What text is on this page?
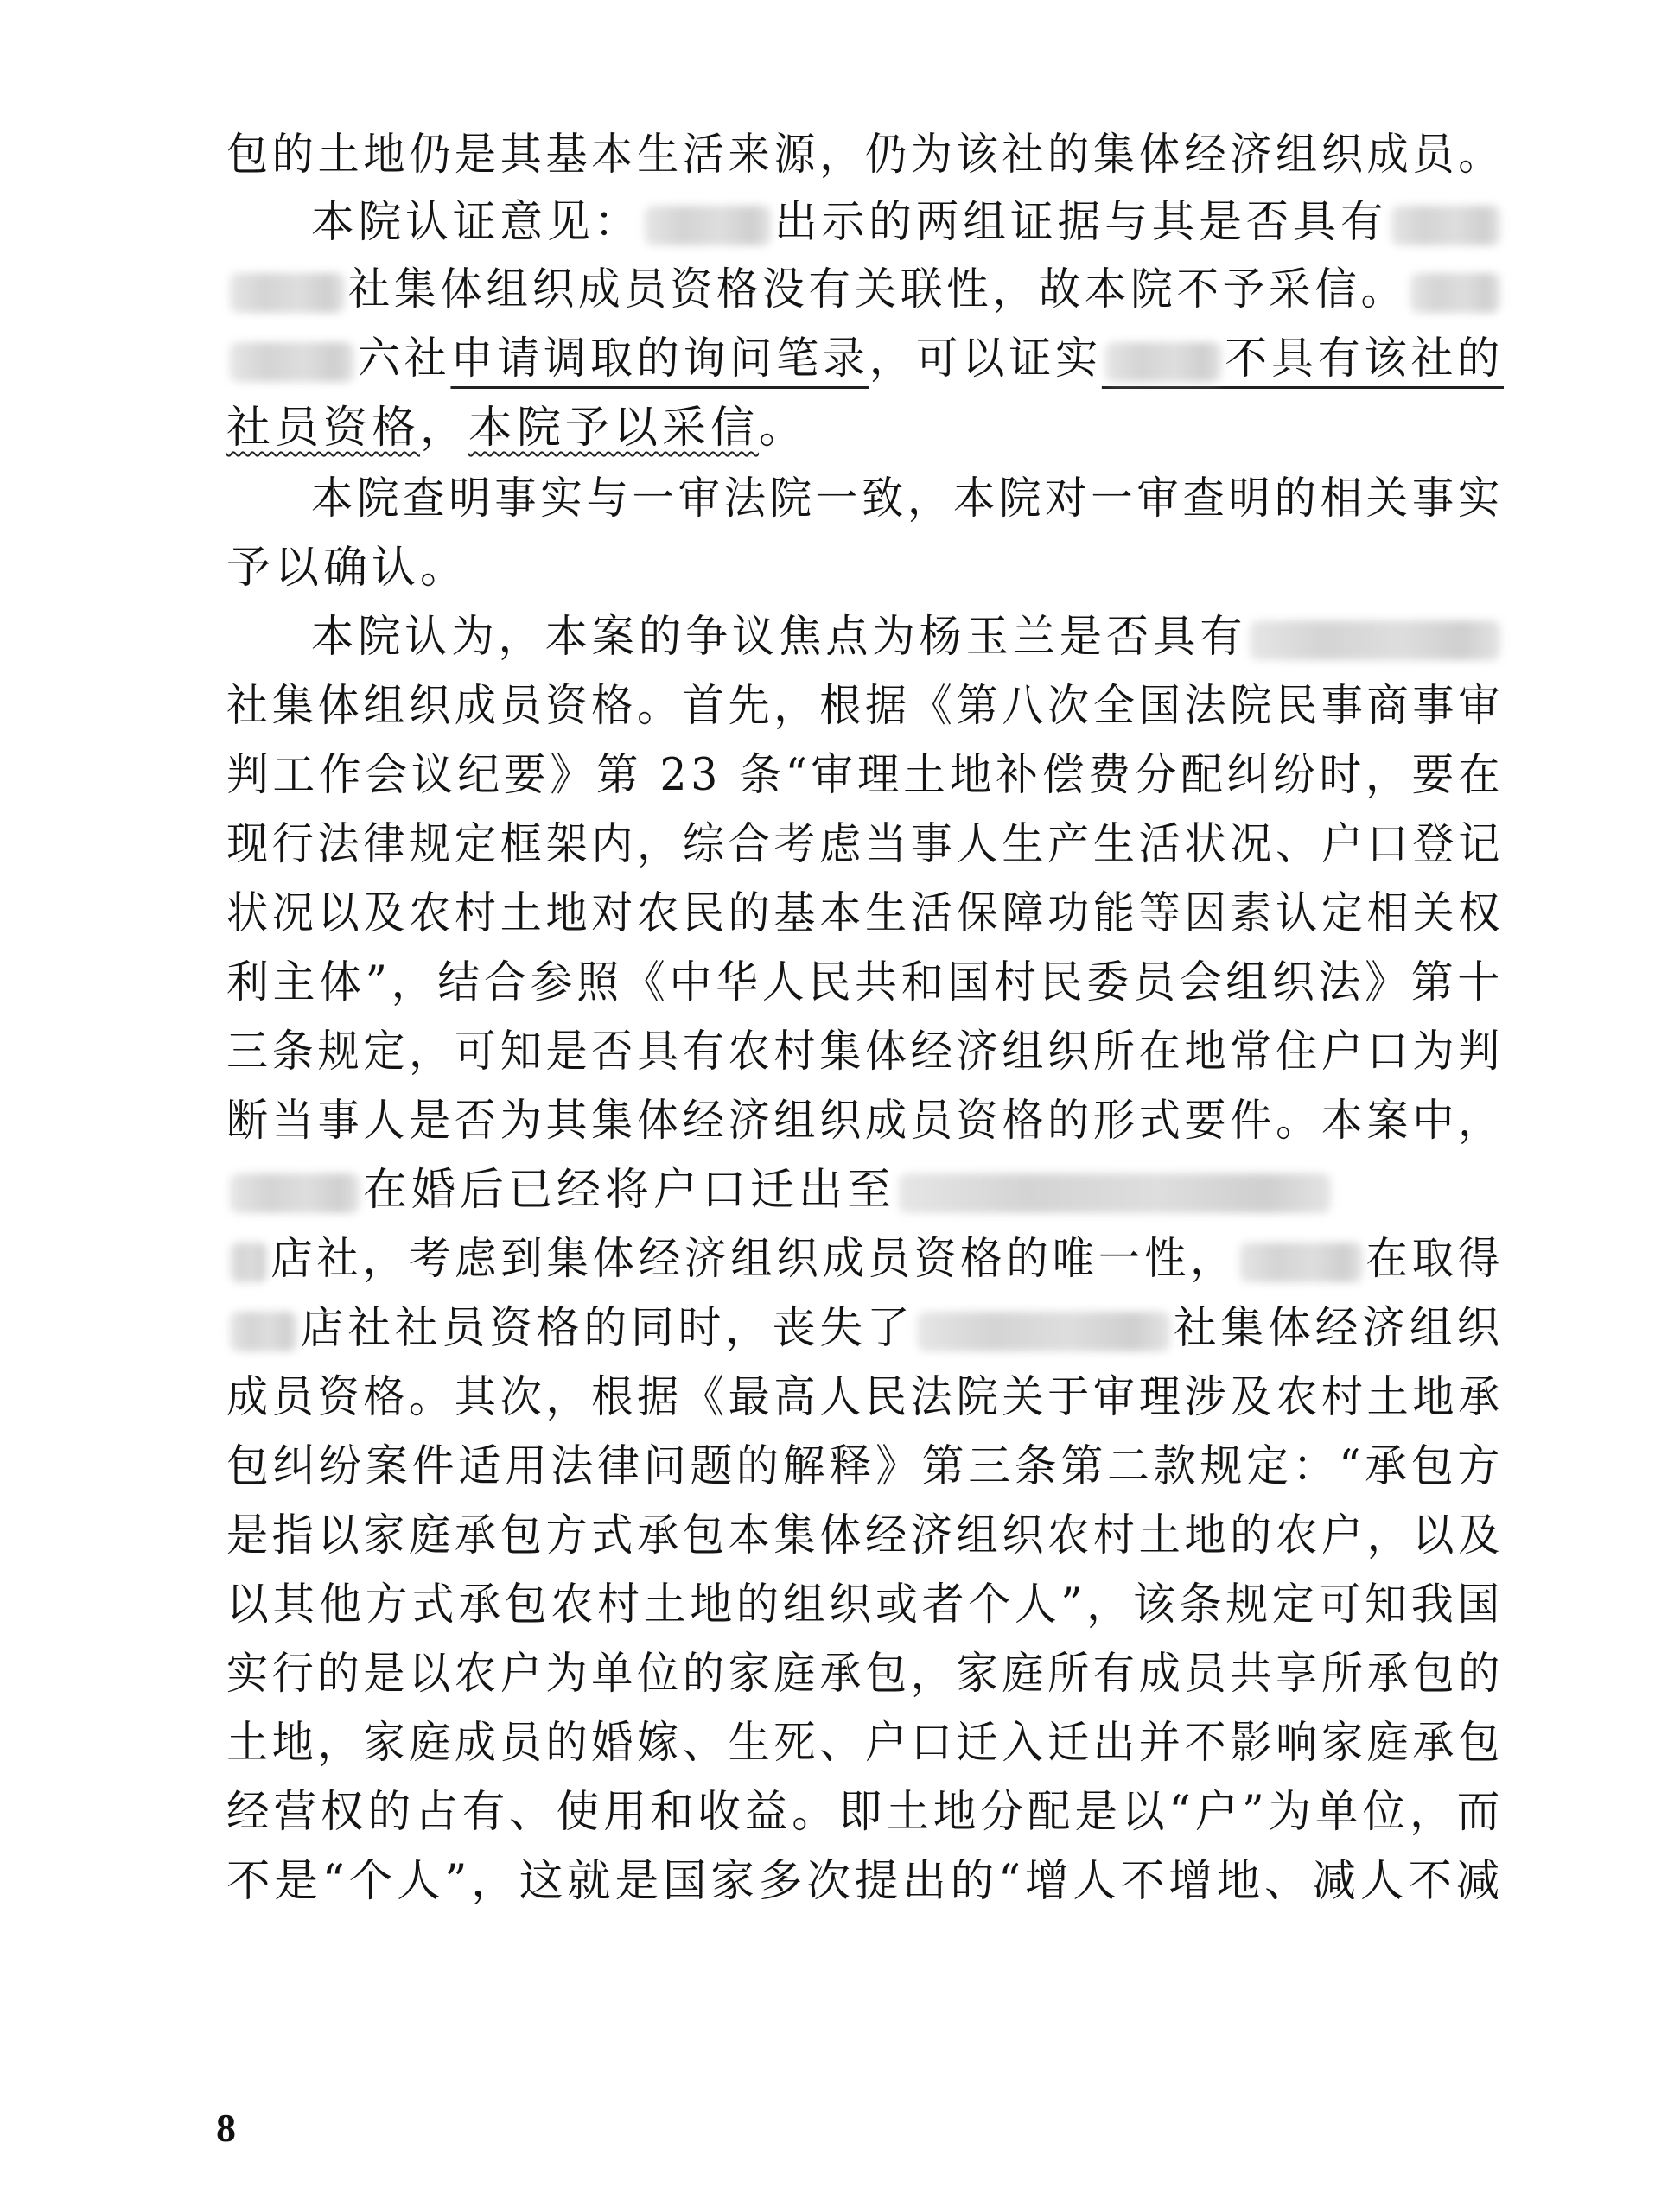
包的土地仍是其基本生活来源，仍为该社的集体经济组织成员。
本院认证意见：	出示的两组证据与其是否具有
社集体组织成员资格没有关联性，故本院不予采信。
六社申请调取的询问笔录，可以证实	不具有该社的
社员资格，本院予以采信。
本院查明事实与一审法院一致，本院对一审查明的相关事实
予以确认。
本院认为，本案的争议焦点为杨玉兰是否具有
社集体组织成员资格。首先，根据《第八次全国法院民事商事审
判工作会议纪要》第 23 条“审理土地补偿费分配纠纷时，要在
现行法律规定框架内，综合考虑当事人生产生活状况、户口登记
状况以及农村土地对农民的基本生活保障功能等因素认定相关权
利主体”，结合参照《中华人民共和国村民委员会组织法》第十
三条规定，可知是否具有农村集体经济组织所在地常住户口为判
断当事人是否为其集体经济组织成员资格的形式要件。本案中，
在婚后已经将户口迁出至
店社，考虑到集体经济组织成员资格的唯一性，	在取得
店社社员资格的同时，丧失了	社集体经济组织
成员资格。其次，根据《最高人民法院关于审理涉及农村土地承
包纠纷案件适用法律问题的解释》第三条第二款规定：“承包方
是指以家庭承包方式承包本集体经济组织农村土地的农户，以及
以其他方式承包农村土地的组织或者个人”，该条规定可知我国
实行的是以农户为单位的家庭承包，家庭所有成员共享所承包的
土地，家庭成员的婚嫁、生死、户口迁入迁出并不影响家庭承包
经营权的占有、使用和收益。即土地分配是以“户”为单位，而
不是“个人”，这就是国家多次提出的“增人不增地、减人不减
8
